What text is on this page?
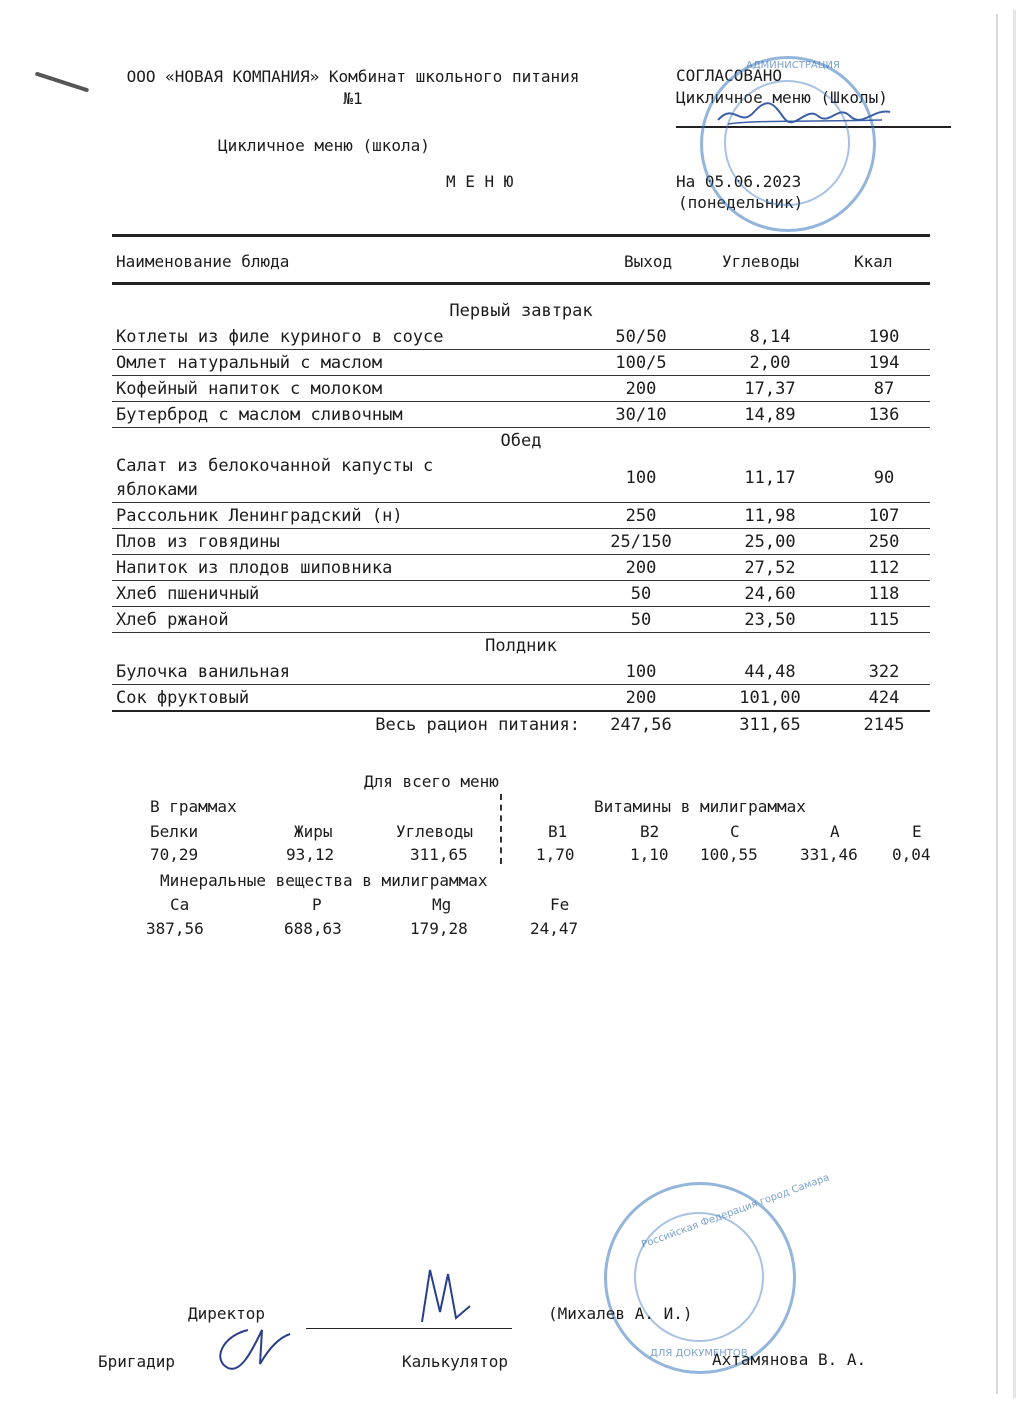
ООО «НОВАЯ КОМПАНИЯ» Комбинат школьного питания №1
СОГЛАСОВАНО
Цикличное меню (Школы)
Цикличное меню (школа)
М Е Н Ю	На 05.06.2023
(понедельник)
АДМИНИСТРАЦИЯ
Наименование блюда	Выход	Углеводы	Ккал
Первый завтрак			
Котлеты из филе куриного в соусе	50/50	8,14	190
Омлет натуральный с маслом	100/5	2,00	194
Кофейный напиток с молоком	200	17,37	87
Бутерброд с маслом сливочным	30/10	14,89	136
Обед			

Салат из белокочанной капусты с яблоками	100	11,17	90
Рассольник Ленинградский (н)	250	11,98	107
Плов из говядины	25/150	25,00	250
Напиток из плодов шиповника	200	27,52	112
Хлеб пшеничный	50	24,60	118
Хлеб ржаной	50	23,50	115
Полдник			
Булочка ванильная	100	44,48	322
Сок фруктовый	200	101,00	424
Весь рацион питания:	247,56	311,65	2145
Для всего меню
В граммах	Витамины в милиграммах
Белки	Жиры	Углеводы
70,29	93,12	311,65
B1	B2	C	A	E
1,70	1,10 100,55	331,46 0,04
Минеральные вещества в милиграммах
Ca	P	Mg	Fe
387,56	688,63	179,28	24,47
Российская Федерация город Самара
ДЛЯ ДОКУМЕНТОВ
Директор	(Михалев А. И.)
Бригадир	Калькулятор	Ахтамянова В. А.
